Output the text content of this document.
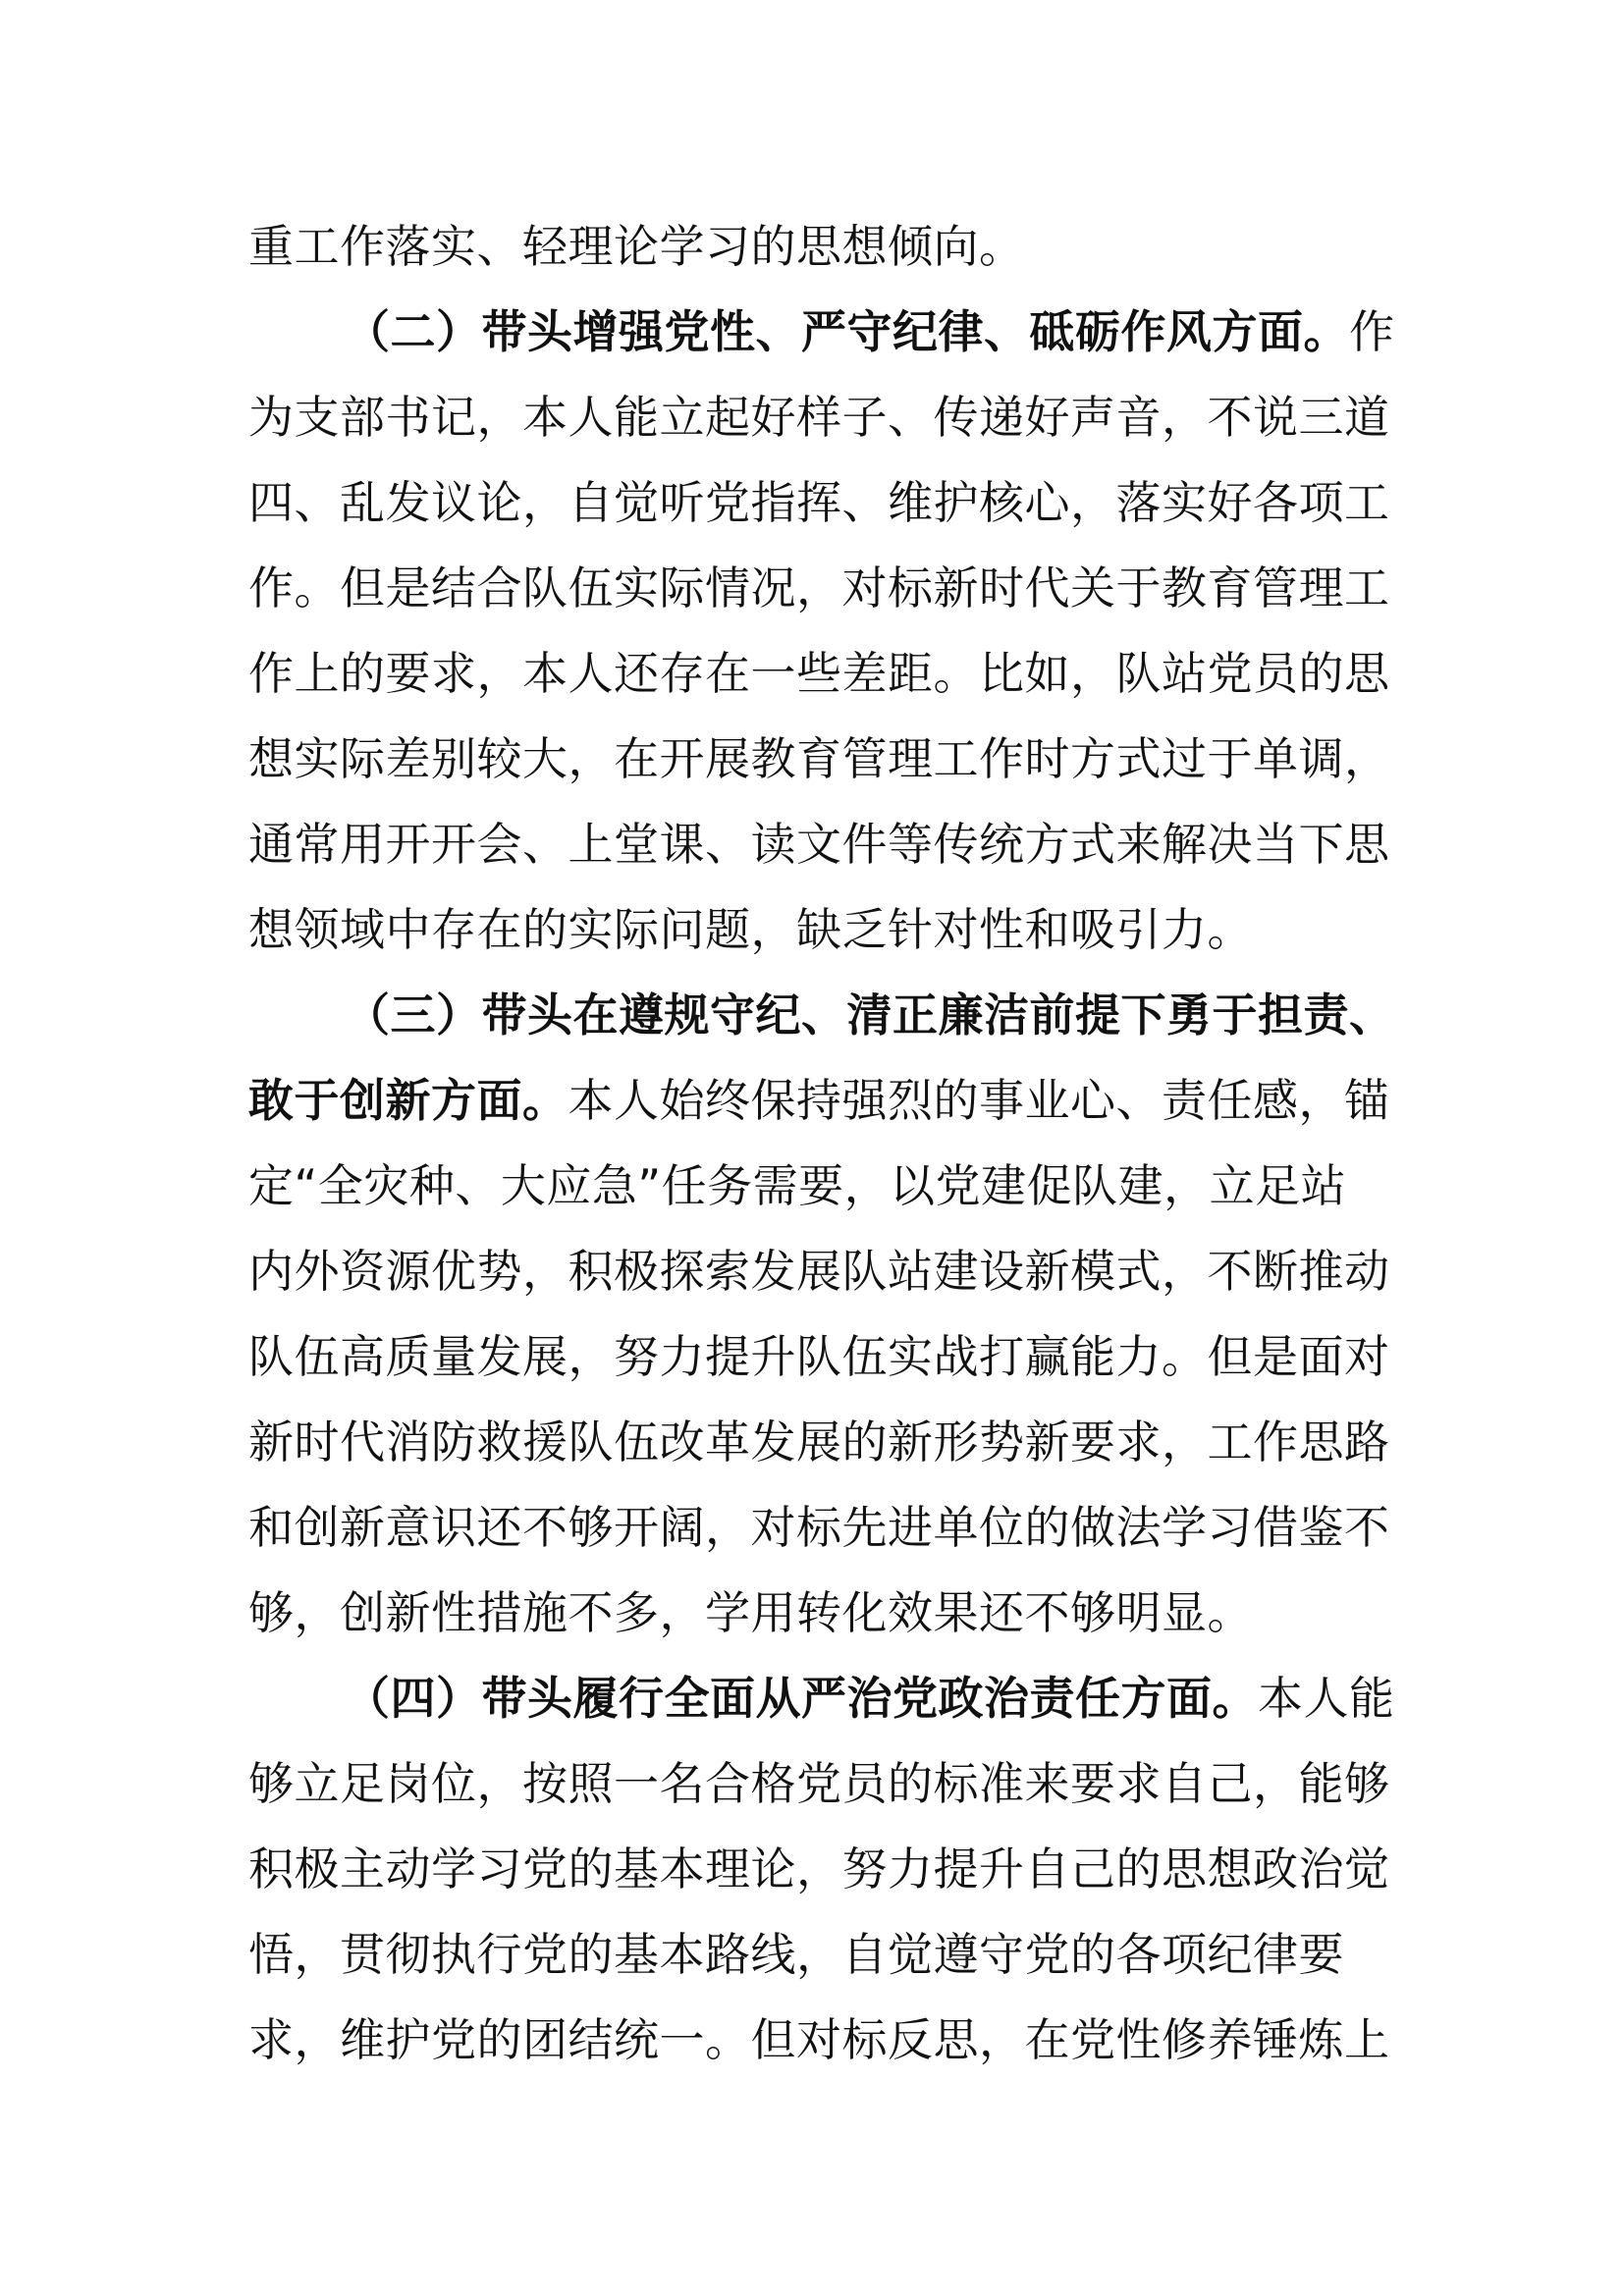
重工作落实、轻理论学习的思想倾向。
（二）带头增强党性、严守纪律、砥砺作风方面。作
为支部书记，本人能立起好样子、传递好声音，不说三道
四、乱发议论，自觉听党指挥、维护核心，落实好各项工
作。但是结合队伍实际情况，对标新时代关于教育管理工
作上的要求，本人还存在一些差距。比如，队站党员的思
想实际差别较大，在开展教育管理工作时方式过于单调，
通常用开开会、上堂课、读文件等传统方式来解决当下思
想领域中存在的实际问题，缺乏针对性和吸引力。
（三）带头在遵规守纪、清正廉洁前提下勇于担责、
敢于创新方面。本人始终保持强烈的事业心、责任感，锚
定“全灾种、大应急”任务需要，以党建促队建，立足站
内外资源优势，积极探索发展队站建设新模式，不断推动
队伍高质量发展，努力提升队伍实战打赢能力。但是面对
新时代消防救援队伍改革发展的新形势新要求，工作思路
和创新意识还不够开阔，对标先进单位的做法学习借鉴不
够，创新性措施不多，学用转化效果还不够明显。
（四）带头履行全面从严治党政治责任方面。本人能
够立足岗位，按照一名合格党员的标准来要求自己，能够
积极主动学习党的基本理论，努力提升自己的思想政治觉
悟，贯彻执行党的基本路线，自觉遵守党的各项纪律要
求，维护党的团结统一。但对标反思，在党性修养锤炼上
